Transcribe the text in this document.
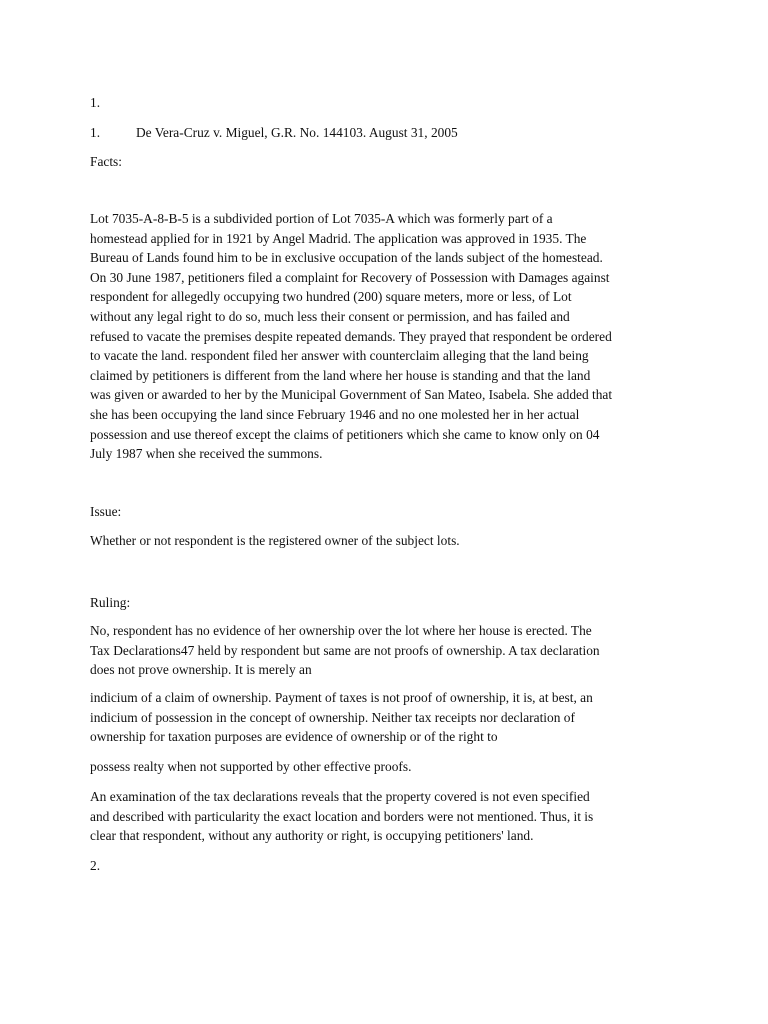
1.

1.	De Vera-Cruz v. Miguel, G.R. No. 144103. August 31, 2005

Facts:

Lot 7035-A-8-B-5 is a subdivided portion of Lot 7035-A which was formerly part of a
homestead applied for in 1921 by Angel Madrid. The application was approved in 1935. The
Bureau of Lands found him to be in exclusive occupation of the lands subject of the homestead.
On 30 June 1987, petitioners filed a complaint for Recovery of Possession with Damages against
respondent for allegedly occupying two hundred (200) square meters, more or less, of Lot
without any legal right to do so, much less their consent or permission, and has failed and
refused to vacate the premises despite repeated demands. They prayed that respondent be ordered
to vacate the land. respondent filed her answer with counterclaim alleging that the land being
claimed by petitioners is different from the land where her house is standing and that the land
was given or awarded to her by the Municipal Government of San Mateo, Isabela. She added that
she has been occupying the land since February 1946 and no one molested her in her actual
possession and use thereof except the claims of petitioners which she came to know only on 04
July 1987 when she received the summons.

Issue:

Whether or not respondent is the registered owner of the subject lots.

Ruling:

No, respondent has no evidence of her ownership over the lot where her house is erected. The
Tax Declarations47 held by respondent but same are not proofs of ownership. A tax declaration
does not prove ownership. It is merely an
indicium of a claim of ownership. Payment of taxes is not proof of ownership, it is, at best, an
indicium of possession in the concept of ownership. Neither tax receipts nor declaration of
ownership for taxation purposes are evidence of ownership or of the right to

possess realty when not supported by other effective proofs.

An examination of the tax declarations reveals that the property covered is not even specified
and described with particularity the exact location and borders were not mentioned. Thus, it is
clear that respondent, without any authority or right, is occupying petitioners' land.

2.
